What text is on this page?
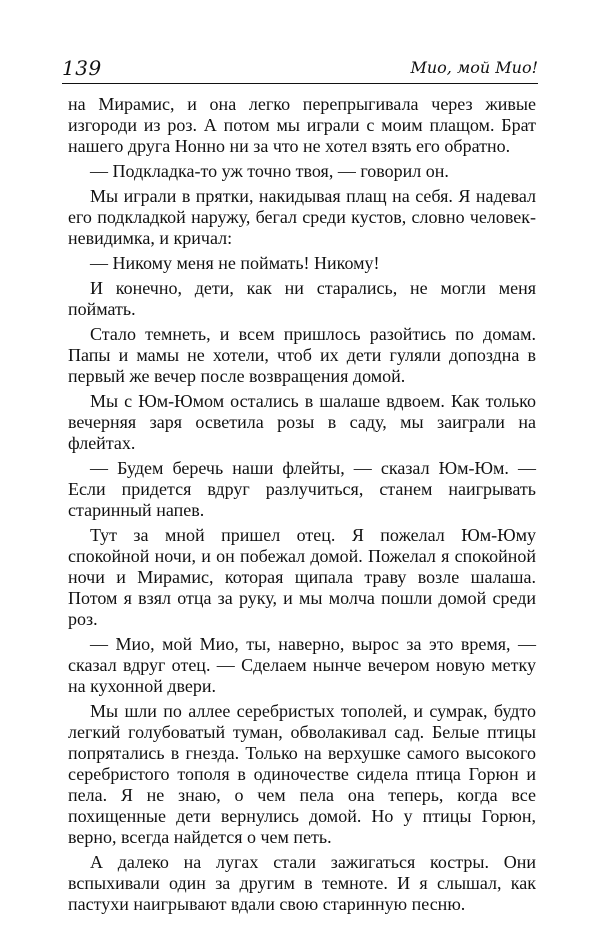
139	Мио, мой Мио!

на Мирамис, и она легко перепрыгивала через живые изгороди из роз. А потом мы играли с моим плащом. Брат нашего друга Нонно ни за что не хотел взять его обратно.

— Подкладка-то уж точно твоя, — говорил он.

Мы играли в прятки, накидывая плащ на себя. Я надевал его подкладкой наружу, бегал среди кустов, словно человек-невидимка, и кричал:

— Никому меня не поймать! Никому!

И конечно, дети, как ни старались, не могли меня поймать.

Стало темнеть, и всем пришлось разойтись по домам. Папы и мамы не хотели, чтоб их дети гуляли допоздна в первый же вечер после возвращения домой.

Мы с Юм-Юмом остались в шалаше вдвоем. Как только вечерняя заря осветила розы в саду, мы заиграли на флейтах.

— Будем беречь наши флейты, — сказал Юм-Юм. — Если придется вдруг разлучиться, станем наигрывать старинный напев.

Тут за мной пришел отец. Я пожелал Юм-Юму спокойной ночи, и он побежал домой. Пожелал я спокойной ночи и Мирамис, которая щипала траву возле шалаша. Потом я взял отца за руку, и мы молча пошли домой среди роз.

— Мио, мой Мио, ты, наверно, вырос за это время, — сказал вдруг отец. — Сделаем нынче вечером новую метку на кухонной двери.

Мы шли по аллее серебристых тополей, и сумрак, будто легкий голубоватый туман, обволакивал сад. Белые птицы попрятались в гнезда. Только на верхушке самого высокого серебристого тополя в одиночестве сидела птица Горюн и пела. Я не знаю, о чем пела она теперь, когда все похищенные дети вернулись домой. Но у птицы Горюн, верно, всегда найдется о чем петь.

А далеко на лугах стали зажигаться костры. Они вспыхивали один за другим в темноте. И я слышал, как пастухи наигрывают вдали свою старинную песню.
